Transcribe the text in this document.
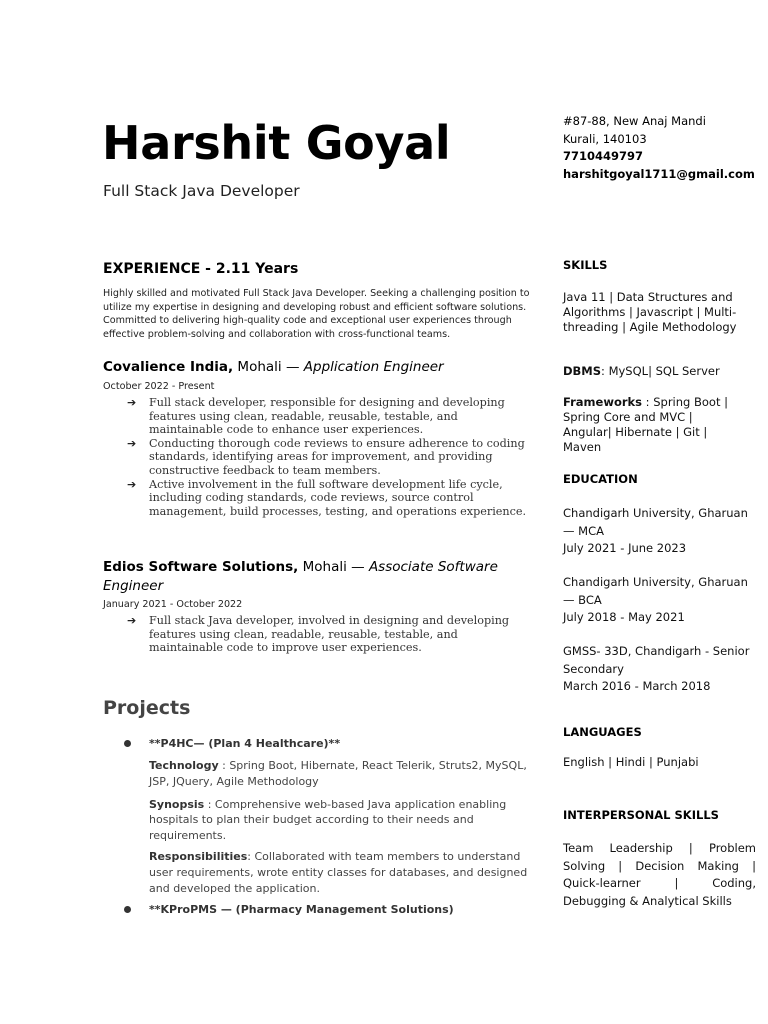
Harshit Goyal
Full Stack Java Developer
#87-88, New Anaj Mandi
Kurali, 140103
7710449797
harshitgoyal1711@gmail.com
EXPERIENCE - 2.11 Years
Highly skilled and motivated Full Stack Java Developer. Seeking a challenging position to utilize my expertise in designing and developing robust and efficient software solutions. Committed to delivering high-quality code and exceptional user experiences through effective problem-solving and collaboration with cross-functional teams.
Covalience India, Mohali — Application Engineer
October 2022 - Present
➔ Full stack developer, responsible for designing and developing features using clean, readable, reusable, testable, and maintainable code to enhance user experiences.
➔ Conducting thorough code reviews to ensure adherence to coding standards, identifying areas for improvement, and providing constructive feedback to team members.
➔ Active involvement in the full software development life cycle, including coding standards, code reviews, source control management, build processes, testing, and operations experience.
Edios Software Solutions, Mohali — Associate Software Engineer
January 2021 - October 2022
➔ Full stack Java developer, involved in designing and developing features using clean, readable, reusable, testable, and maintainable code to improve user experiences.
Projects
**P4HC— (Plan 4 Healthcare)**
Technology : Spring Boot, Hibernate, React Telerik, Struts2, MySQL, JSP, JQuery, Agile Methodology
Synopsis : Comprehensive web-based Java application enabling hospitals to plan their budget according to their needs and requirements.
Responsibilities: Collaborated with team members to understand user requirements, wrote entity classes for databases, and designed and developed the application.
**KProPMS — (Pharmacy Management Solutions)
SKILLS
Java 11 | Data Structures and Algorithms | Javascript | Multi-threading | Agile Methodology
DBMS: MySQL| SQL Server
Frameworks : Spring Boot | Spring Core and MVC | Angular| Hibernate | Git | Maven
EDUCATION
Chandigarh University, Gharuan — MCA
July 2021 - June 2023
Chandigarh University, Gharuan — BCA
July 2018 - May 2021
GMSS- 33D, Chandigarh - Senior Secondary
March 2016 - March 2018
LANGUAGES
English | Hindi | Punjabi
INTERPERSONAL SKILLS
Team Leadership | Problem Solving | Decision Making | Quick-learner | Coding, Debugging & Analytical Skills
